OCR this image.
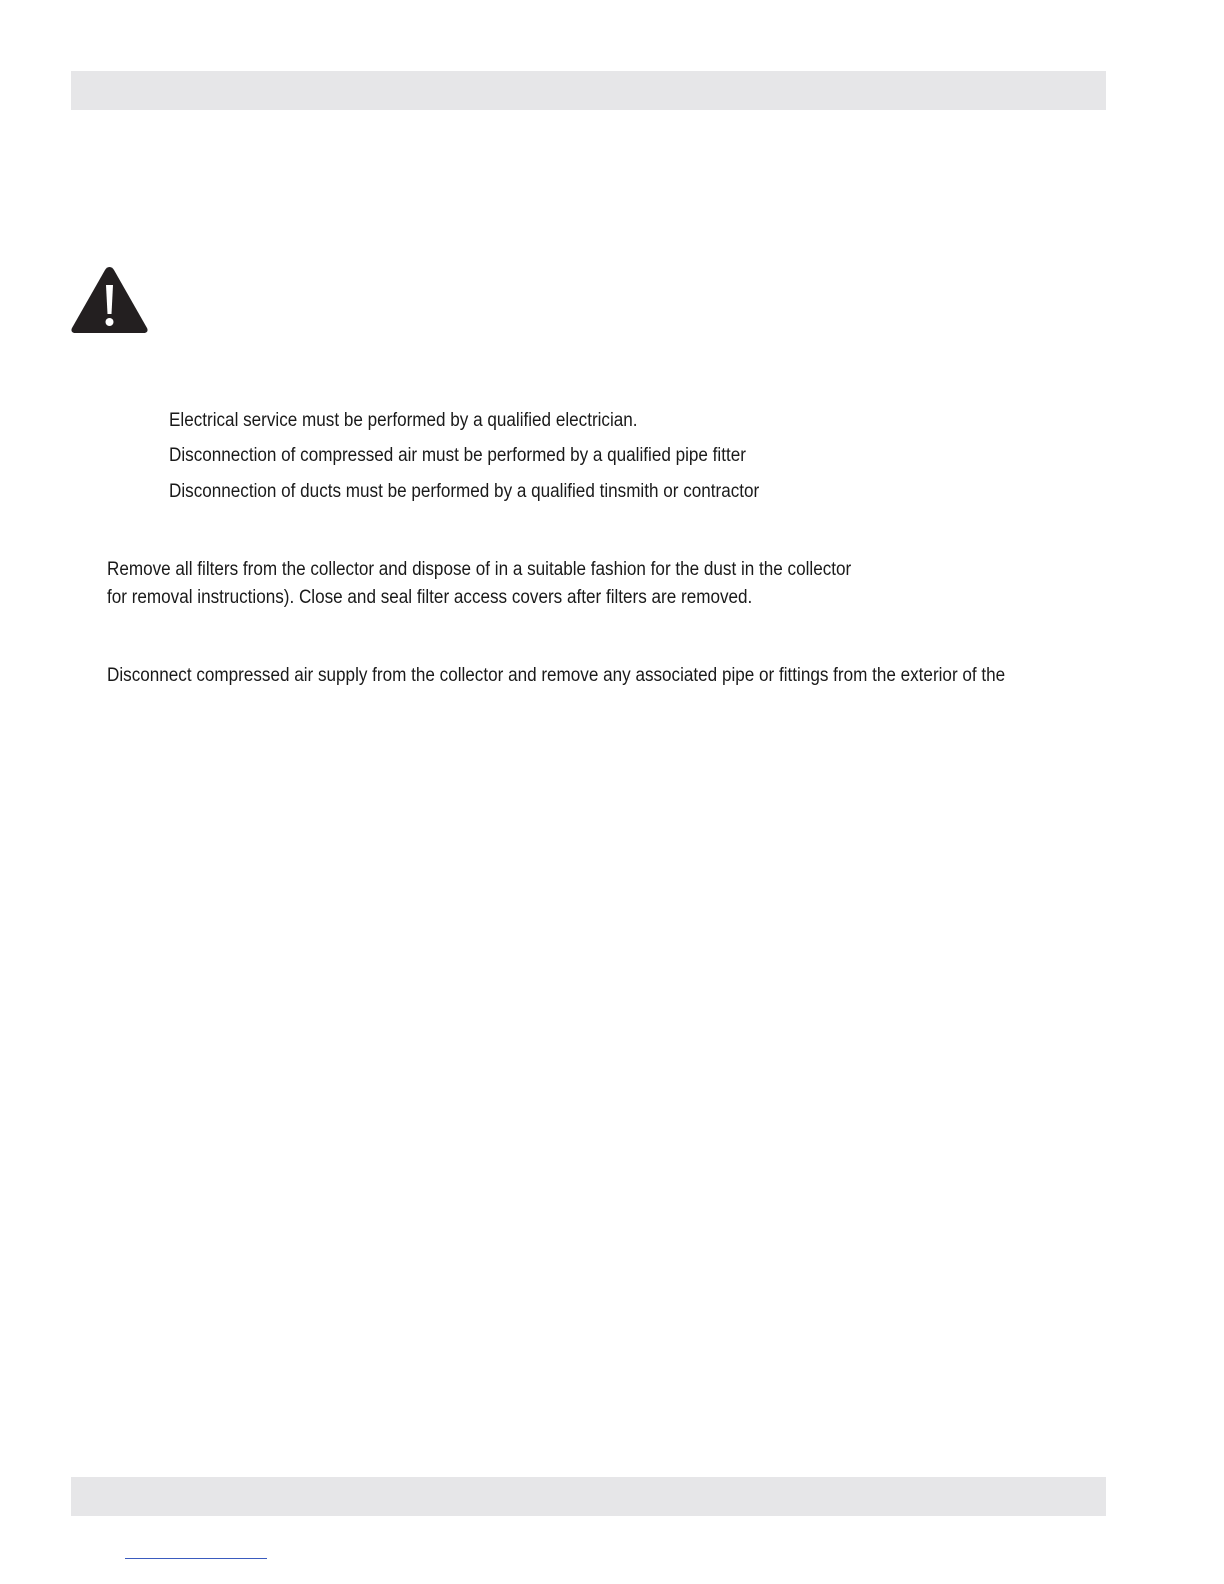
Electrical service must be performed by a qualified electrician.
Disconnection of compressed air must be performed by a qualified pipe fitter
Disconnection of ducts must be performed by a qualified tinsmith or contractor
Remove all filters from the collector and dispose of in a suitable fashion for the dust in the collector
for removal instructions). Close and seal filter access covers after filters are removed.
Disconnect compressed air supply from the collector and remove any associated pipe or fittings from the exterior of the
